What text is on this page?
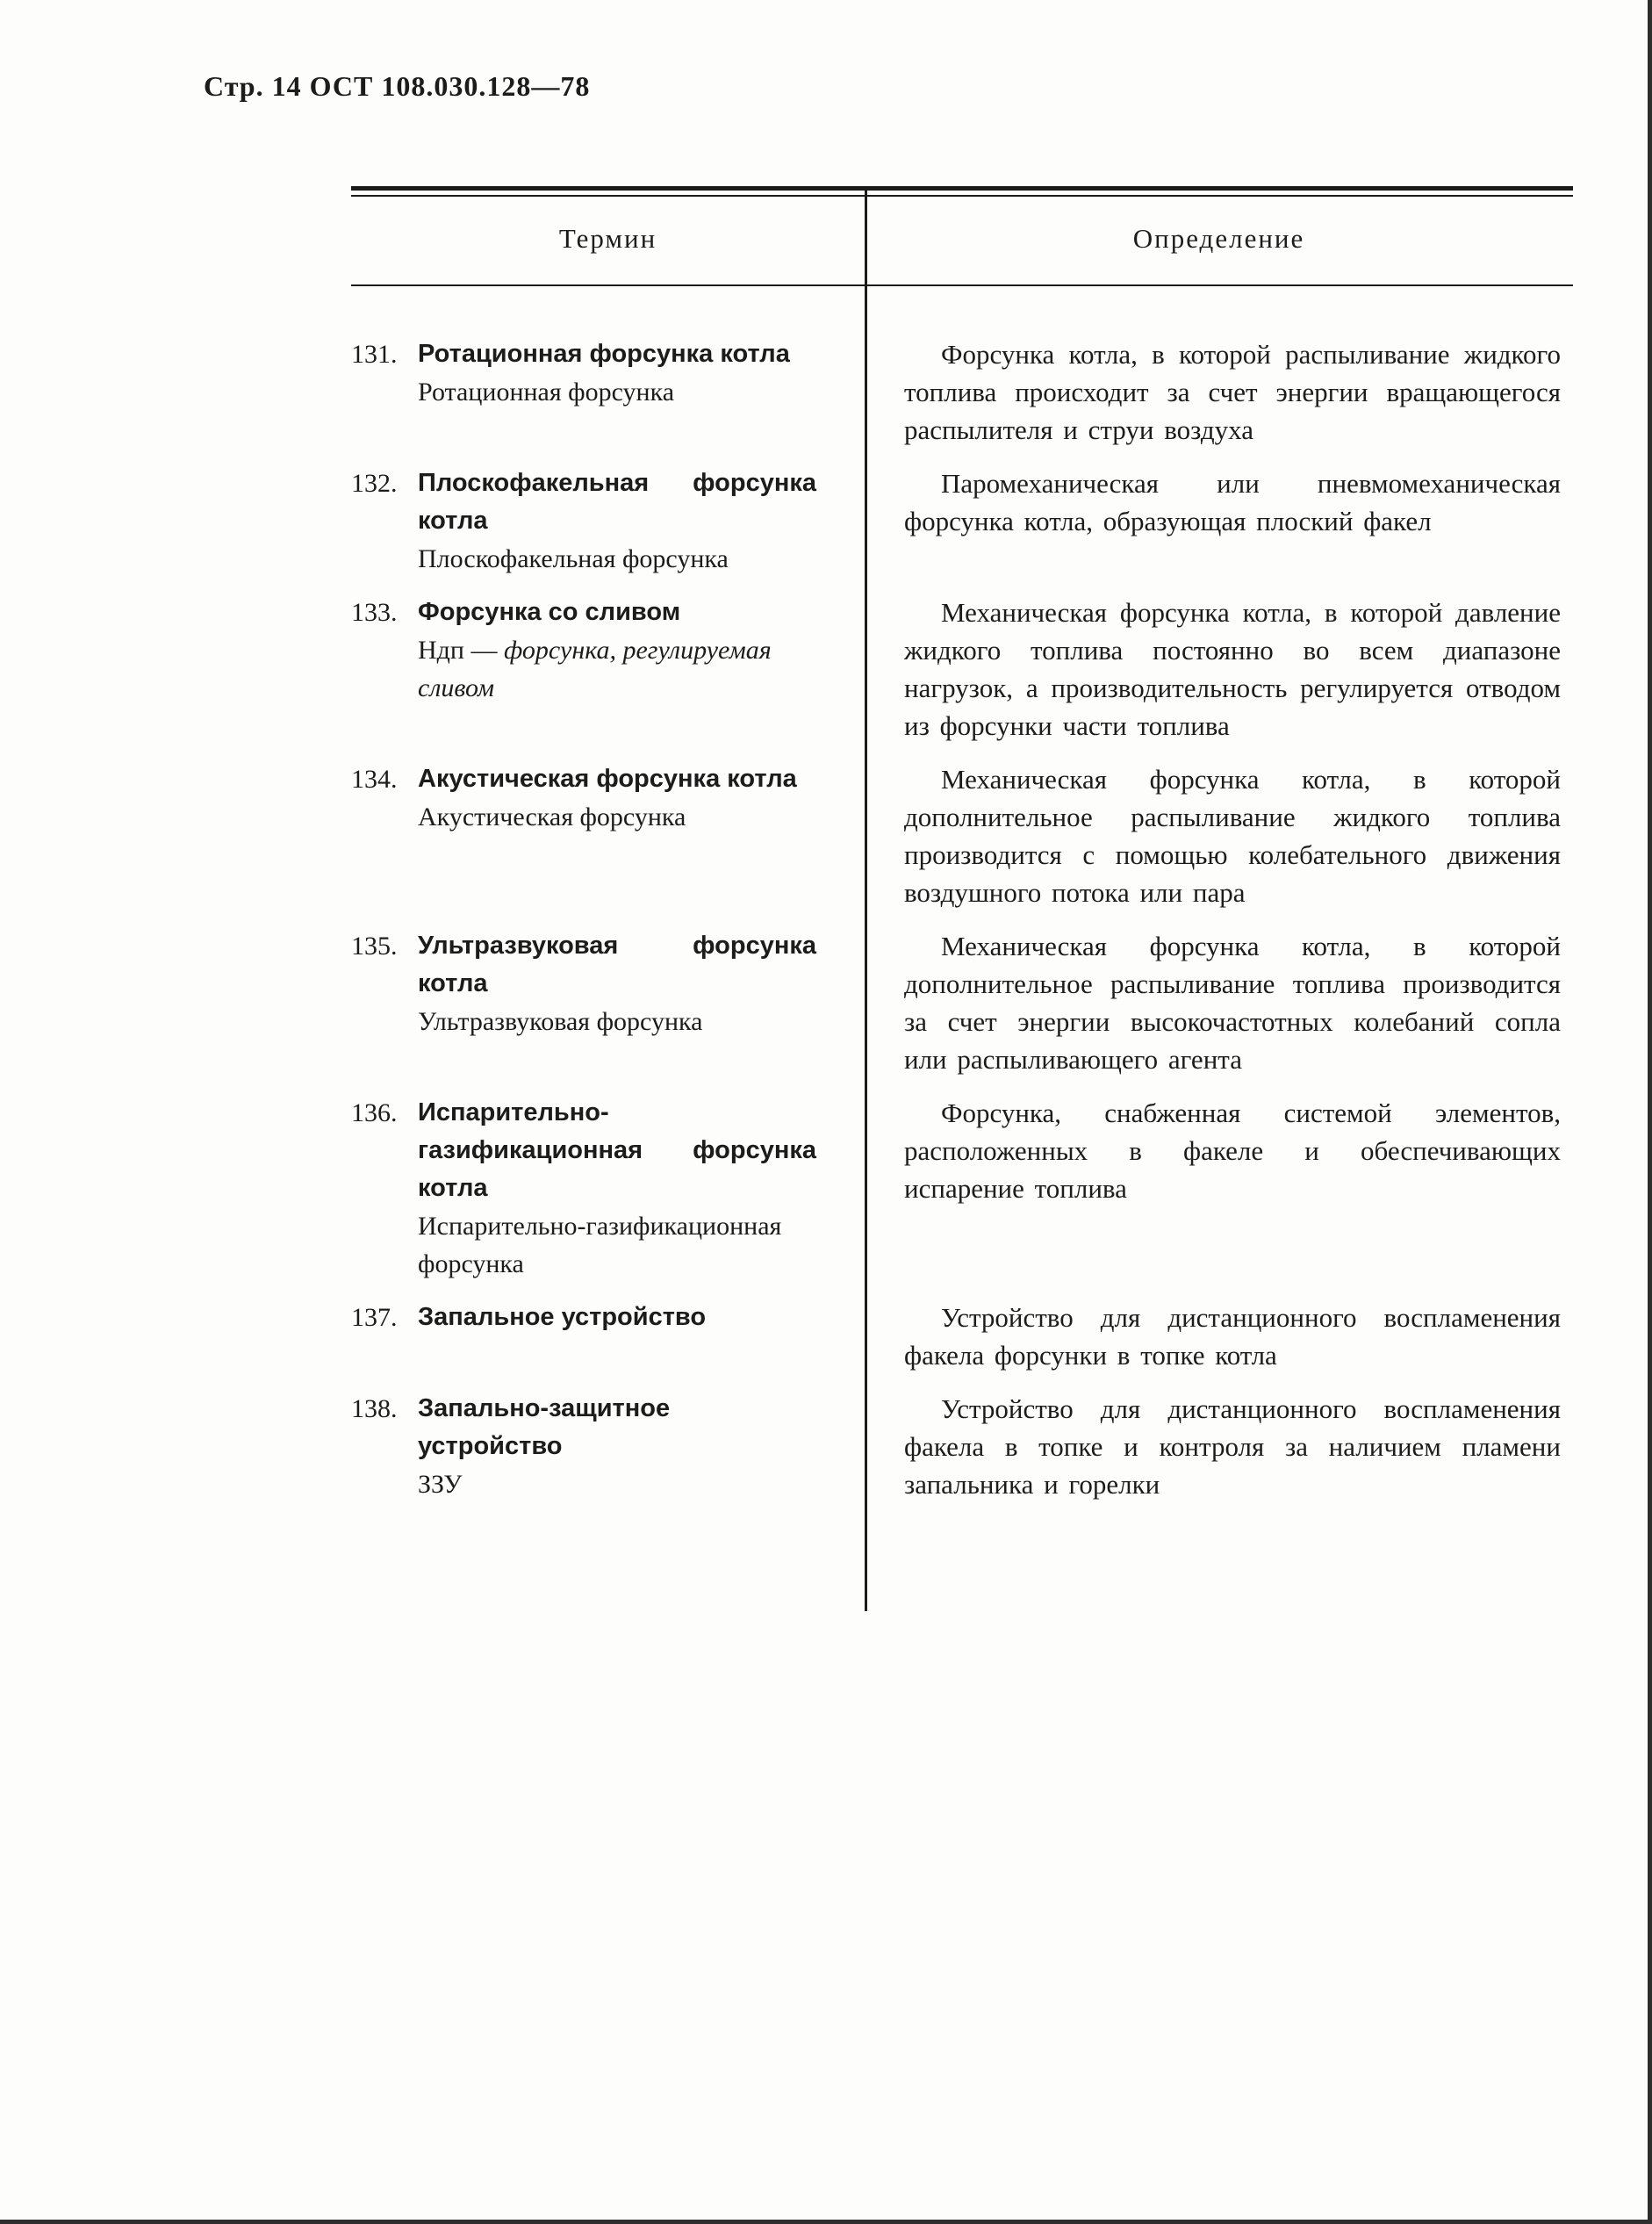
Стр. 14 ОСТ 108.030.128—78
Термин	Определение
131. Ротационная форсунка котла
Ротационная форсунка
Форсунка котла, в которой распыливание жидкого топлива происходит за счет энергии вращающегося распылителя и струи воздуха
132. Плоскофакельная форсунка котла
Плоскофакельная форсунка
Паромеханическая или пневмомеханическая форсунка котла, образующая плоский факел
133. Форсунка со сливом
Ндп — форсунка, регулируемая сливом
Механическая форсунка котла, в которой давление жидкого топлива постоянно во всем диапазоне нагрузок, а производительность регулируется отводом из форсунки части топлива
134. Акустическая форсунка котла
Акустическая форсунка
Механическая форсунка котла, в которой дополнительное распыливание жидкого топлива производится с помощью колебательного движения воздушного потока или пара
135. Ультразвуковая форсунка котла
Ультразвуковая форсунка
Механическая форсунка котла, в которой дополнительное распыливание топлива производится за счет энергии высокочастотных колебаний сопла или распыливающего агента
136. Испарительно-газификационная форсунка котла
Испарительно-газификационная форсунка
Форсунка, снабженная системой элементов, расположенных в факеле и обеспечивающих испарение топлива
137. Запальное устройство	Устройство для дистанционного воспламенения факела форсунки в топке котла
138. Запально-защитное устройство
ЗЗУ
Устройство для дистанционного воспламенения факела в топке и контроля за наличием пламени запальника и горелки
